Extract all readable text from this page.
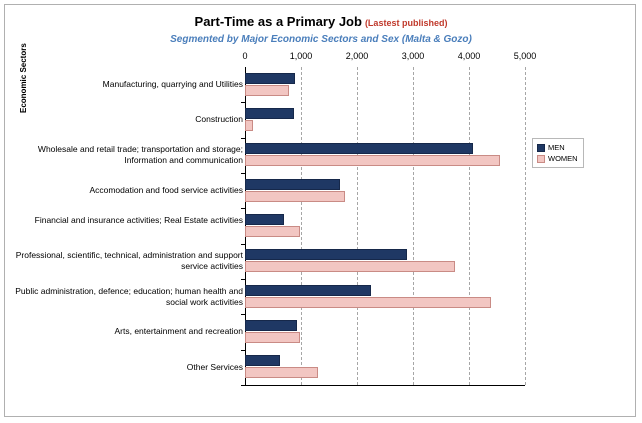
Part-Time as a Primary Job (Lastest published)
Segmented by Major Economic Sectors and Sex (Malta & Gozo)
Economic Sectors	0	1,000	2,000	3,000	4,000	5,000
Manufacturing, quarrying and Utilities
Construction
Wholesale and retail trade; transportation and storage; Information and communication
Accomodation and food service activities
Financial and insurance activities; Real Estate activities
Professional, scientific, technical, administration and support service activities
Public administration, defence; education; human health and social work activities
Arts, entertainment and recreation
Other Services
MEN
WOMEN
